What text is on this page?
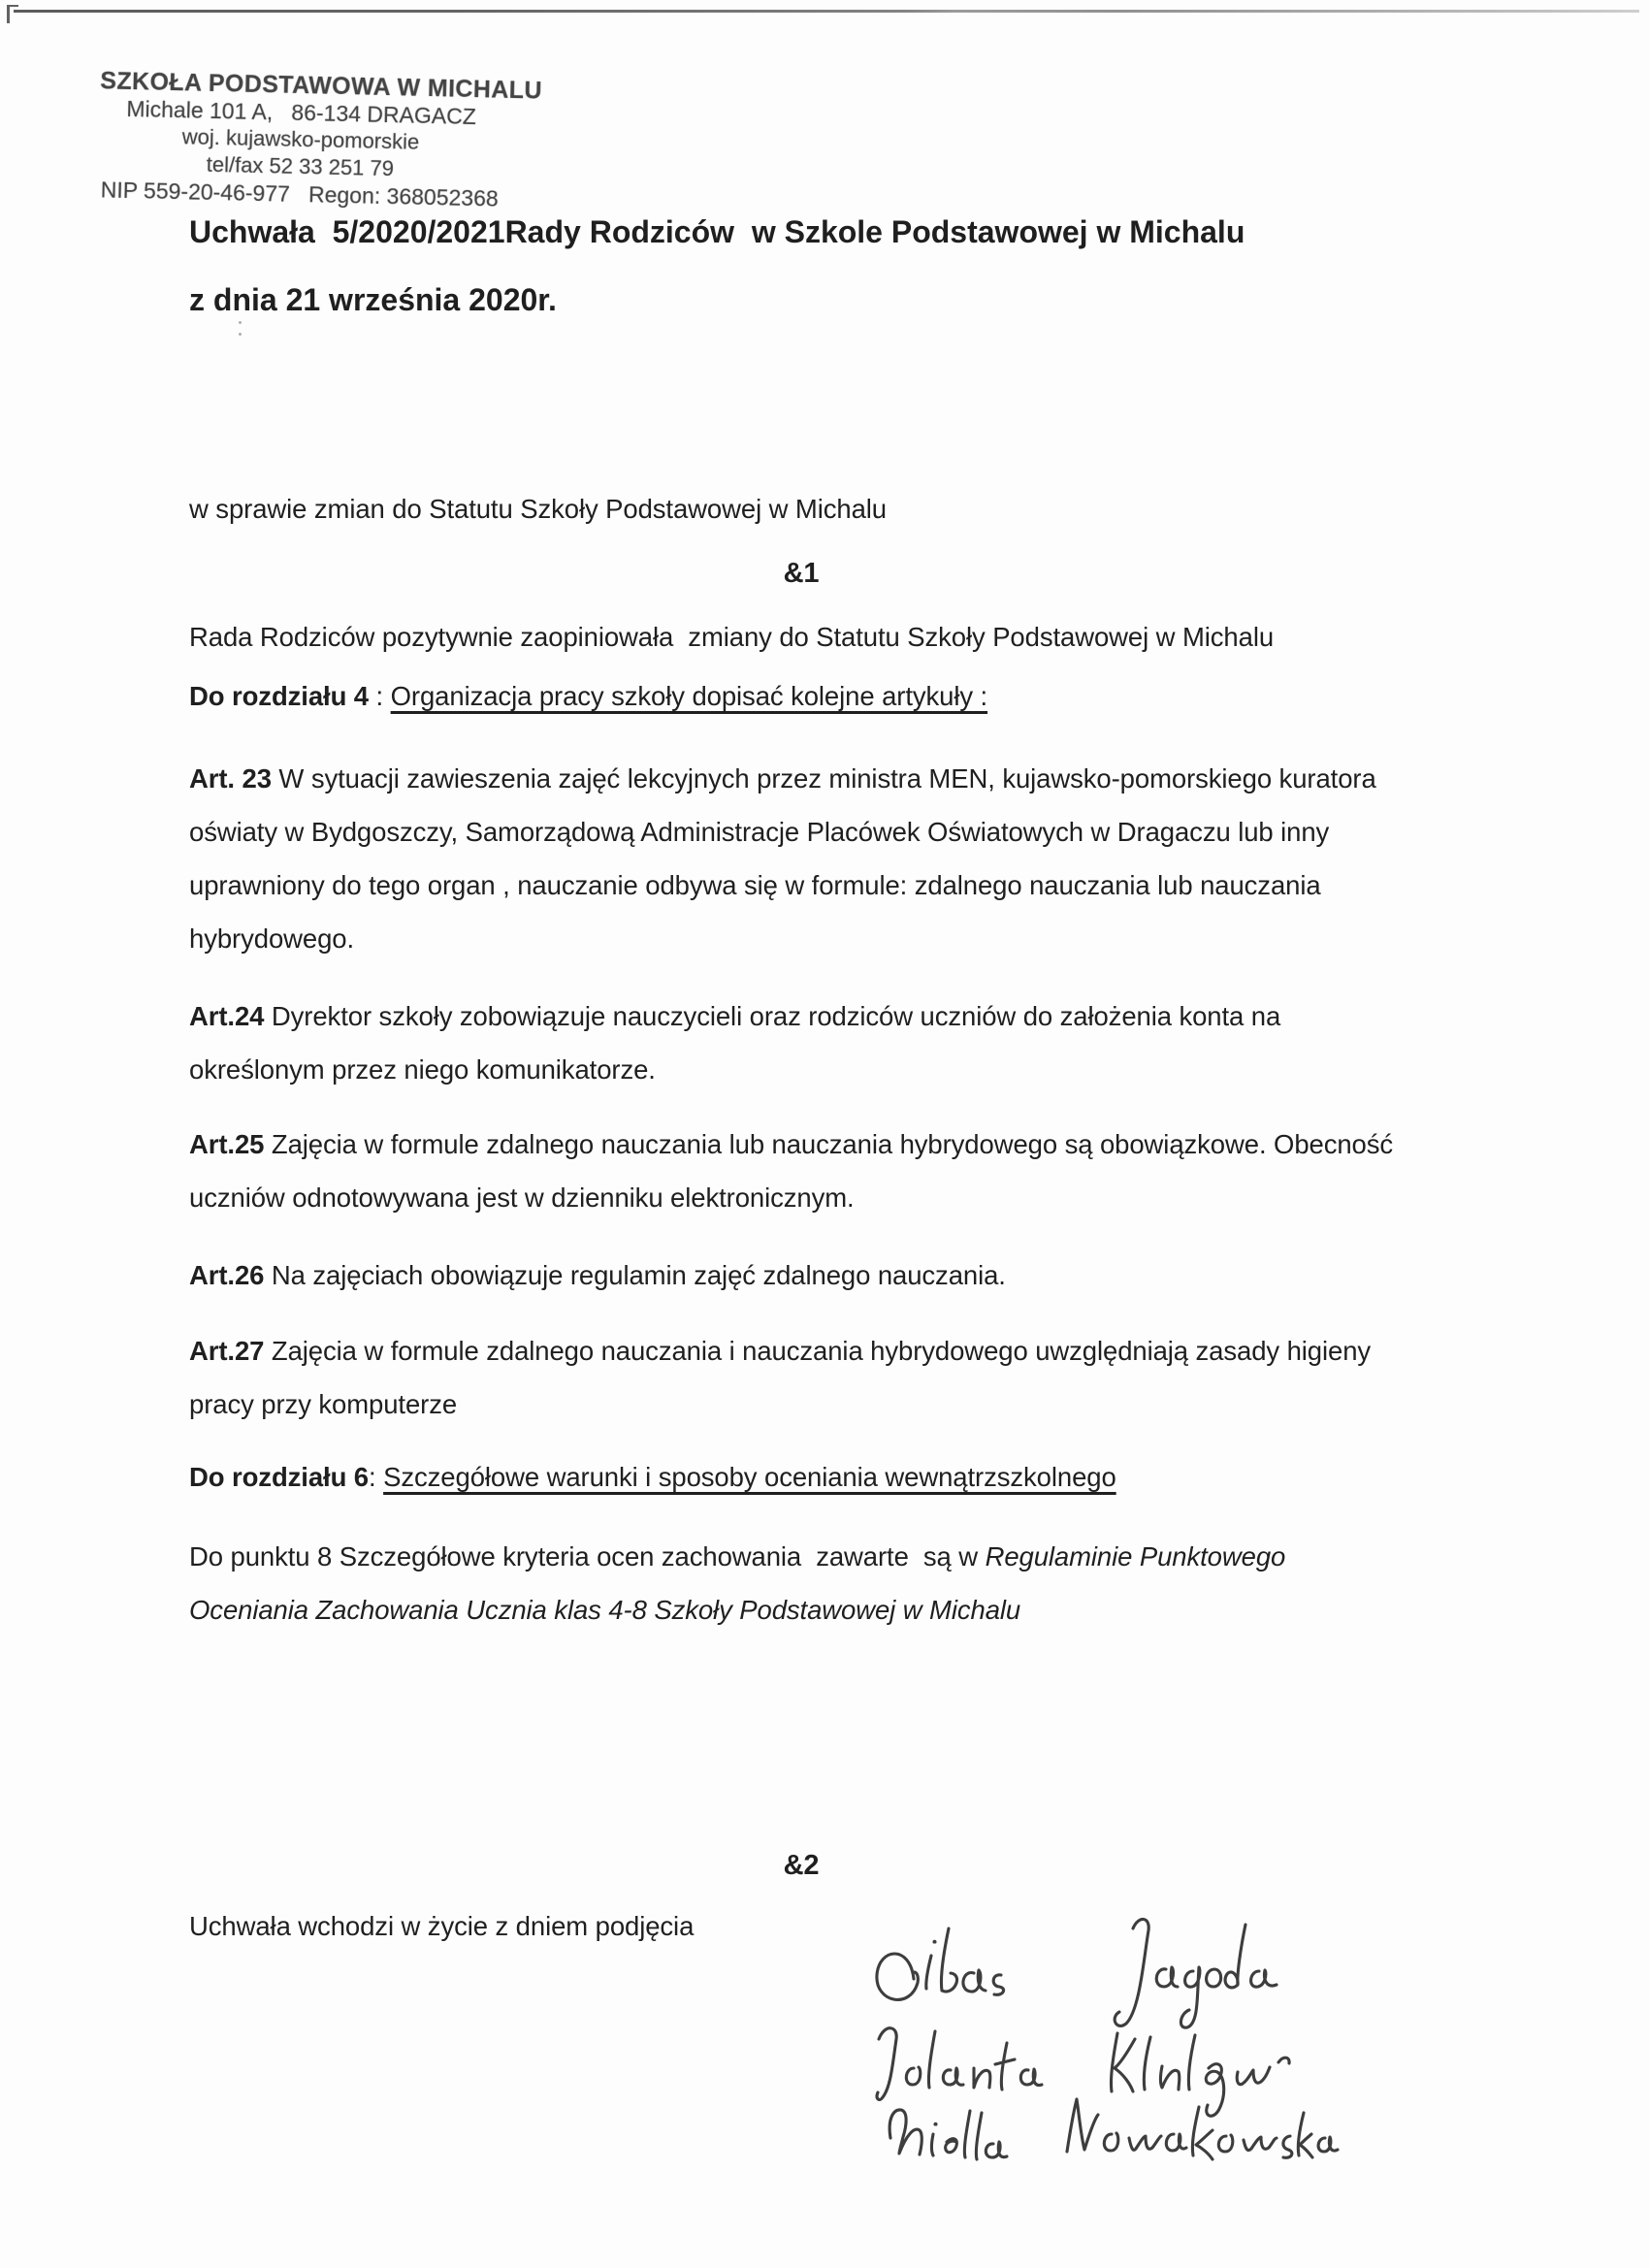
SZKOŁA PODSTAWOWA W MICHALU
Michale 101 A,   86-134 DRAGACZ
woj. kujawsko-pomorskie
tel/fax 52 33 251 79
NIP 559-20-46-977   Regon: 368052368
Uchwała  5/2020/2021Rady Rodziców  w Szkole Podstawowej w Michalu
z dnia 21 września 2020r.
w sprawie zmian do Statutu Szkoły Podstawowej w Michalu
&1
Rada Rodziców pozytywnie zaopiniowała  zmiany do Statutu Szkoły Podstawowej w Michalu
Do rozdziału 4 : Organizacja pracy szkoły dopisać kolejne artykuły :
Art. 23 W sytuacji zawieszenia zajęć lekcyjnych przez ministra MEN, kujawsko-pomorskiego kuratora
oświaty w Bydgoszczy, Samorządową Administracje Placówek Oświatowych w Dragaczu lub inny
uprawniony do tego organ , nauczanie odbywa się w formule: zdalnego nauczania lub nauczania
hybrydowego.
Art.24 Dyrektor szkoły zobowiązuje nauczycieli oraz rodziców uczniów do założenia konta na
określonym przez niego komunikatorze.
Art.25 Zajęcia w formule zdalnego nauczania lub nauczania hybrydowego są obowiązkowe. Obecność
uczniów odnotowywana jest w dzienniku elektronicznym.
Art.26 Na zajęciach obowiązuje regulamin zajęć zdalnego nauczania.
Art.27 Zajęcia w formule zdalnego nauczania i nauczania hybrydowego uwzględniają zasady higieny
pracy przy komputerze
Do rozdziału 6: Szczegółowe warunki i sposoby oceniania wewnątrzszkolnego
Do punktu 8 Szczegółowe kryteria ocen zachowania  zawarte  są w Regulaminie Punktowego
Oceniania Zachowania Ucznia klas 4-8 Szkoły Podstawowej w Michalu
&2
Uchwała wchodzi w życie z dniem podjęcia
